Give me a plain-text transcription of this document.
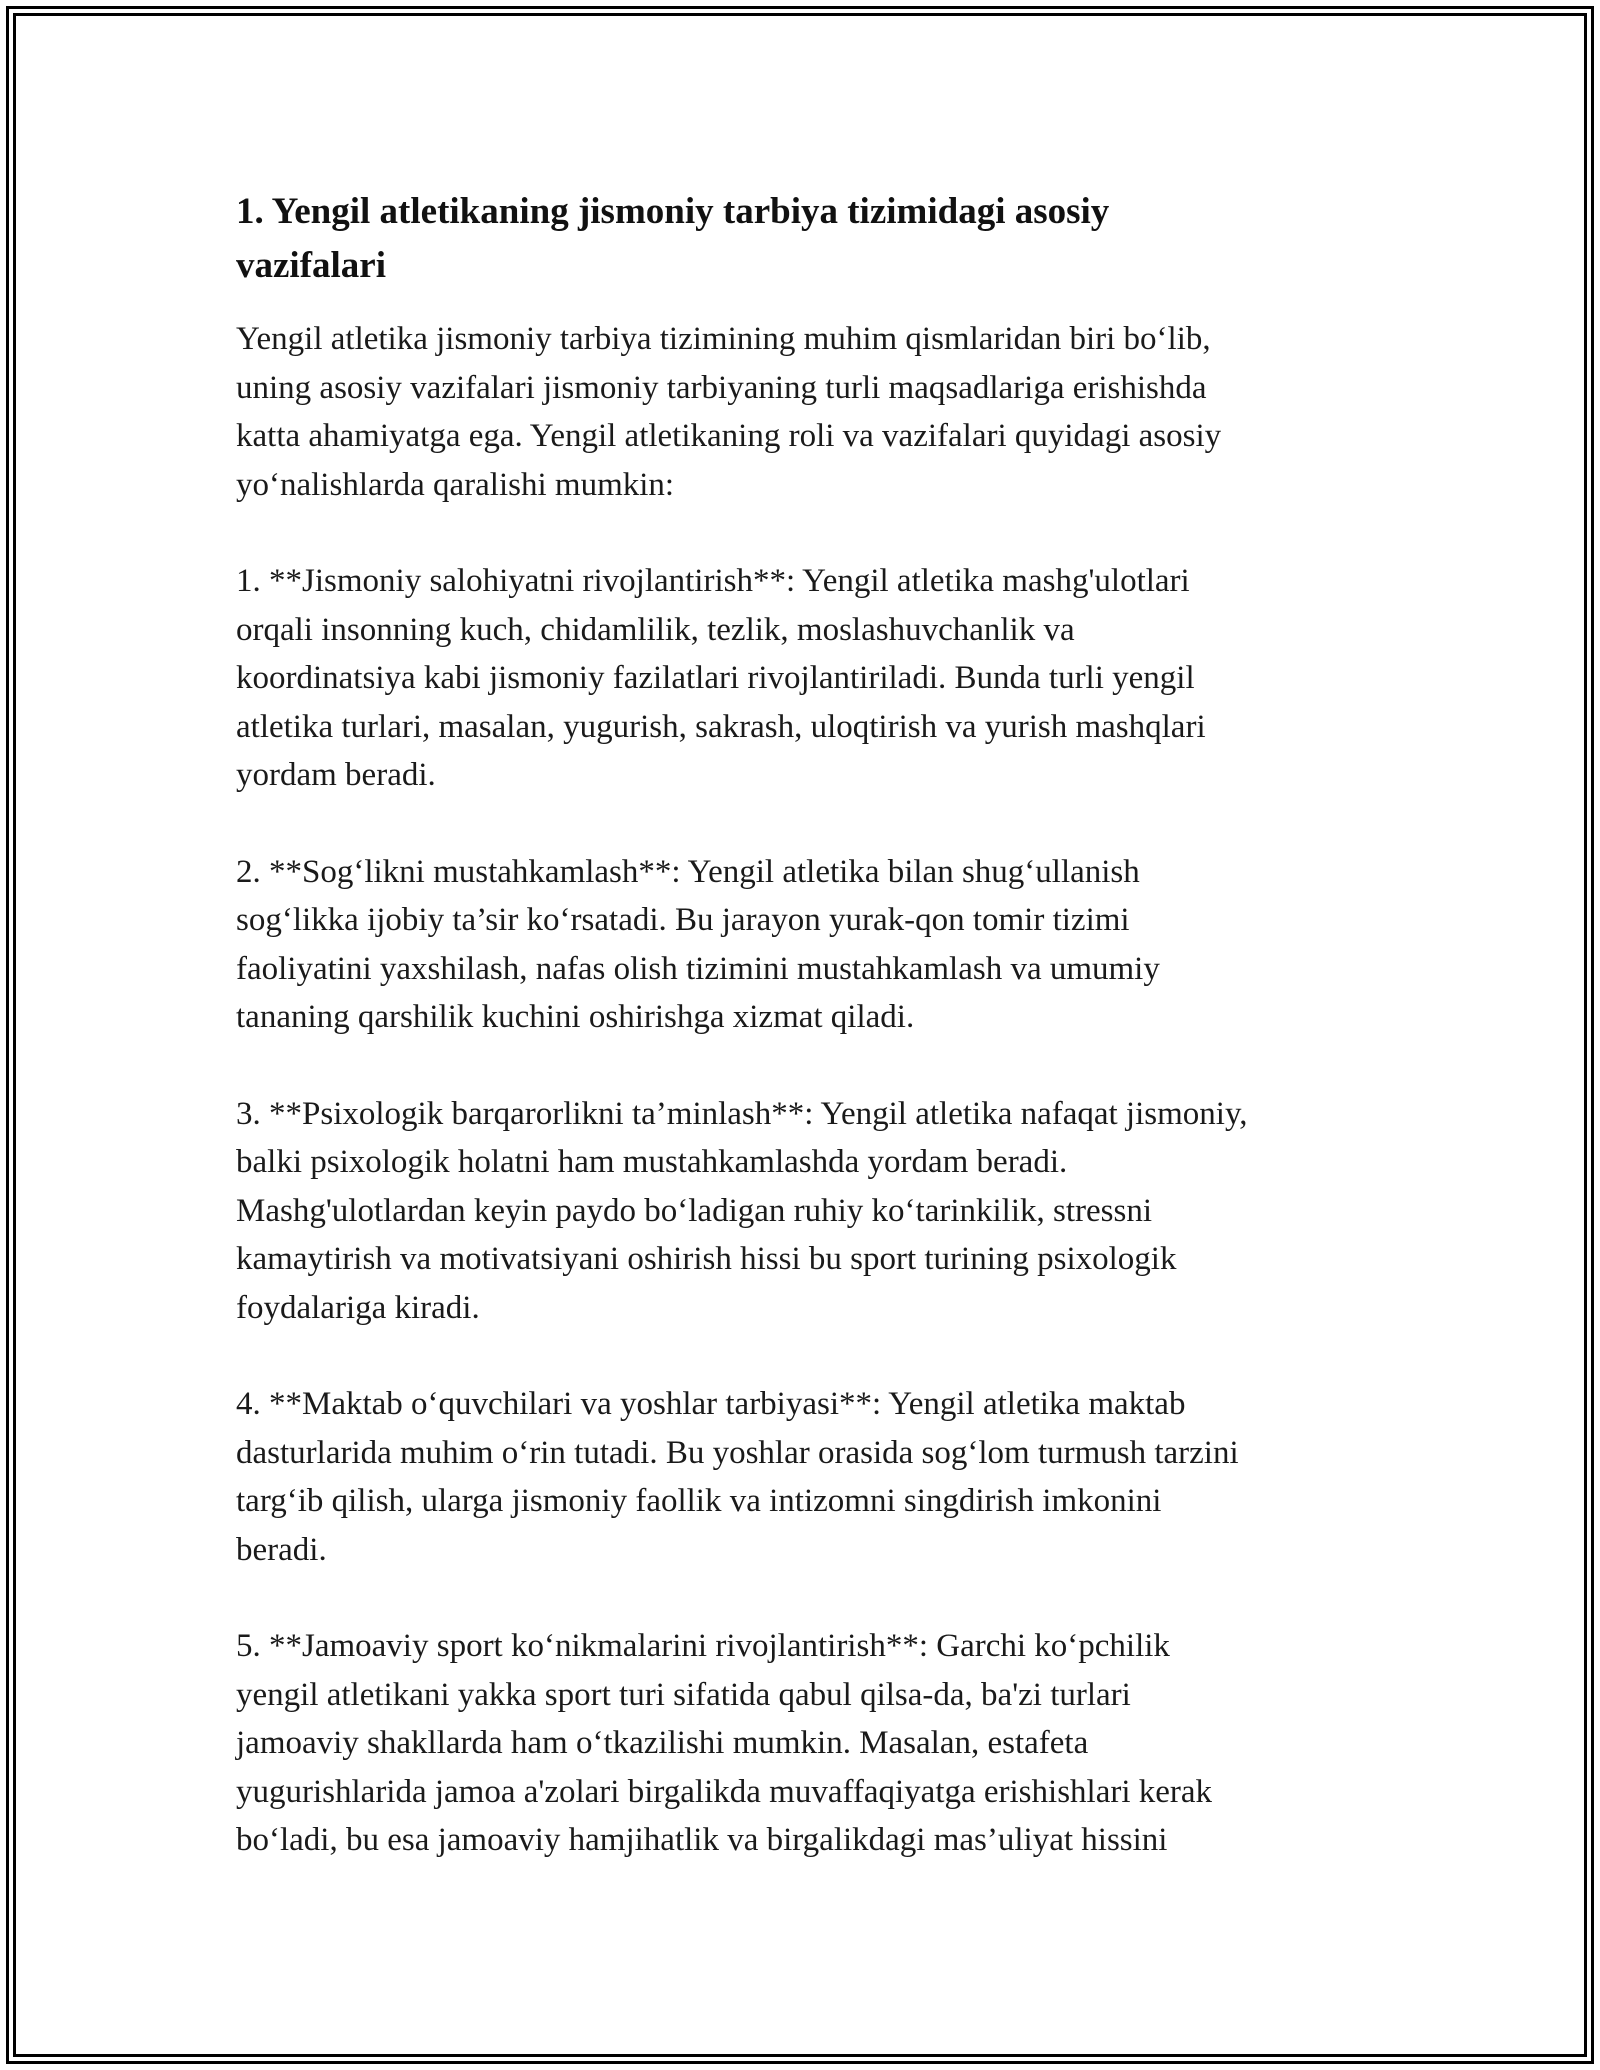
1. Yengil atletikaning jismoniy tarbiya tizimidagi asosiy
vazifalari

Yengil atletika jismoniy tarbiya tizimining muhim qismlaridan biri bo‘lib,
uning asosiy vazifalari jismoniy tarbiyaning turli maqsadlariga erishishda
katta ahamiyatga ega. Yengil atletikaning roli va vazifalari quyidagi asosiy
yo‘nalishlarda qaralishi mumkin:

1. **Jismoniy salohiyatni rivojlantirish**: Yengil atletika mashg'ulotlari
orqali insonning kuch, chidamlilik, tezlik, moslashuvchanlik va
koordinatsiya kabi jismoniy fazilatlari rivojlantiriladi. Bunda turli yengil
atletika turlari, masalan, yugurish, sakrash, uloqtirish va yurish mashqlari
yordam beradi.

2. **Sog‘likni mustahkamlash**: Yengil atletika bilan shug‘ullanish
sog‘likka ijobiy ta’sir ko‘rsatadi. Bu jarayon yurak-qon tomir tizimi
faoliyatini yaxshilash, nafas olish tizimini mustahkamlash va umumiy
tananing qarshilik kuchini oshirishga xizmat qiladi.

3. **Psixologik barqarorlikni ta’minlash**: Yengil atletika nafaqat jismoniy,
balki psixologik holatni ham mustahkamlashda yordam beradi.
Mashg'ulotlardan keyin paydo bo‘ladigan ruhiy ko‘tarinkilik, stressni
kamaytirish va motivatsiyani oshirish hissi bu sport turining psixologik
foydalariga kiradi.

4. **Maktab o‘quvchilari va yoshlar tarbiyasi**: Yengil atletika maktab
dasturlarida muhim o‘rin tutadi. Bu yoshlar orasida sog‘lom turmush tarzini
targ‘ib qilish, ularga jismoniy faollik va intizomni singdirish imkonini
beradi.

5. **Jamoaviy sport ko‘nikmalarini rivojlantirish**: Garchi ko‘pchilik
yengil atletikani yakka sport turi sifatida qabul qilsa-da, ba'zi turlari
jamoaviy shakllarda ham o‘tkazilishi mumkin. Masalan, estafeta
yugurishlarida jamoa a'zolari birgalikda muvaffaqiyatga erishishlari kerak
bo‘ladi, bu esa jamoaviy hamjihatlik va birgalikdagi mas’uliyat hissini
